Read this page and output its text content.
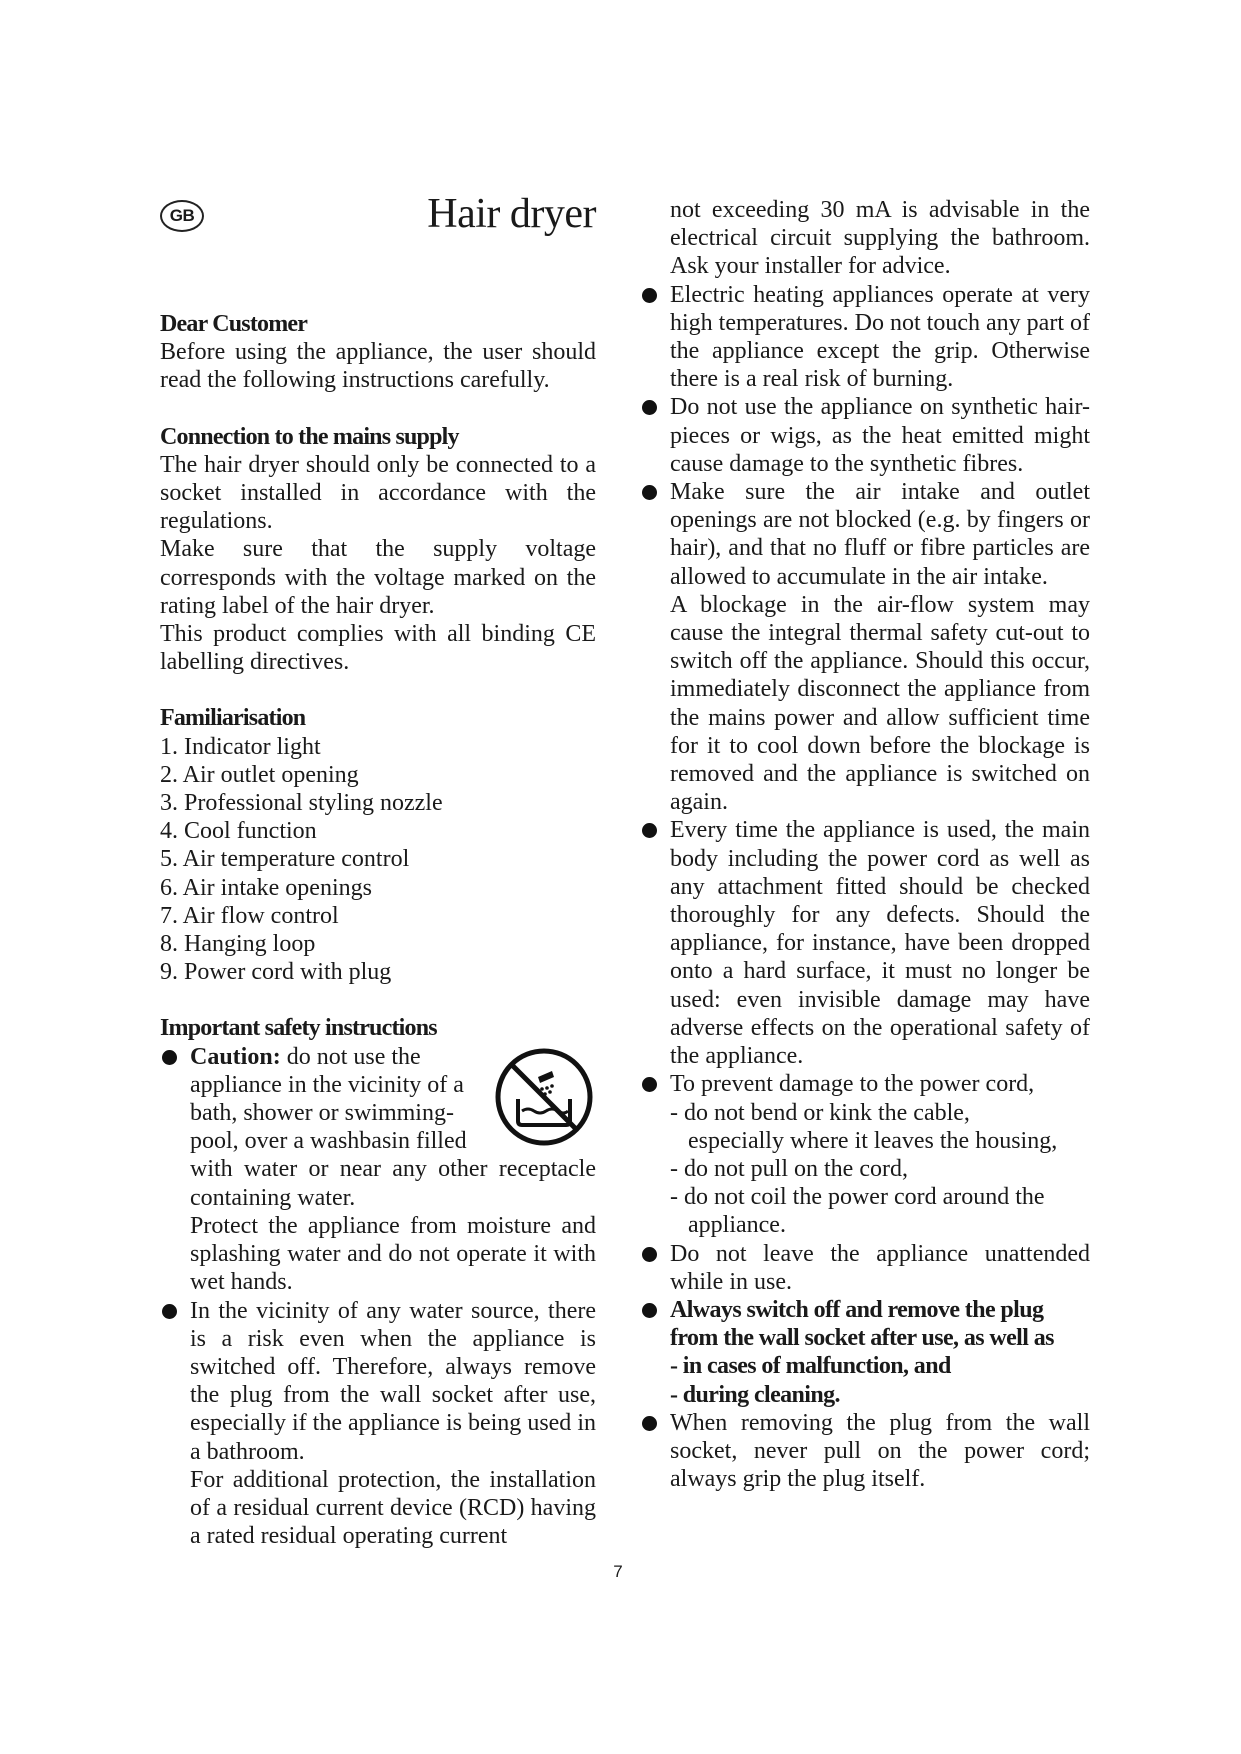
GB	Hair dryer

Dear Customer

Before using the appliance, the user should read the following instructions carefully.

Connection to the mains supply

The hair dryer should only be connected to a socket installed in accordance with the regulations.

Make sure that the supply voltage corresponds with the voltage marked on the rating label of the hair dryer.

This product complies with all binding CE labelling directives.

Familiarisation

1. Indicator light

2. Air outlet opening

3. Professional styling nozzle

4. Cool function

5. Air temperature control

6. Air intake openings

7. Air flow control

8. Hanging loop

9. Power cord with plug

Important safety instructions

Caution: do not use the appliance in the vicinity of a bath, shower or swimming-pool, over a washbasin filled

with water or near any other receptacle containing water.

Protect the appliance from moisture and splashing water and do not operate it with wet hands.

In the vicinity of any water source, there is a risk even when the appliance is switched off. Therefore, always remove the plug from the wall socket after use, especially if the appliance is being used in a bathroom.

For additional protection, the installation of a residual current device (RCD) having a rated residual operating current

not exceeding 30 mA is advisable in the electrical circuit supplying the bathroom. Ask your installer for advice.

Electric heating appliances operate at very high temperatures. Do not touch any part of the appliance except the grip. Otherwise there is a real risk of burning.

Do not use the appliance on synthetic hair-pieces or wigs, as the heat emitted might cause damage to the synthetic fibres.

Make sure the air intake and outlet openings are not blocked (e.g. by fingers or hair), and that no fluff or fibre particles are allowed to accumulate in the air intake.

A blockage in the air-flow system may cause the integral thermal safety cut-out to switch off the appliance. Should this occur, immediately disconnect the appliance from the mains power and allow sufficient time for it to cool down before the blockage is removed and the appliance is switched on again.

Every time the appliance is used, the main body including the power cord as well as any attachment fitted should be checked thoroughly for any defects. Should the appliance, for instance, have been dropped onto a hard surface, it must no longer be used: even invisible damage may have adverse effects on the operational safety of the appliance.

To prevent damage to the power cord,

- do not bend or kink the cable,

especially where it leaves the housing,

- do not pull on the cord,

- do not coil the power cord around the

appliance.

Do not leave the appliance unattended while in use.

Always switch off and remove the plug from the wall socket after use, as well as

- in cases of malfunction, and

- during cleaning.

When removing the plug from the wall socket, never pull on the power cord; always grip the plug itself.

7
